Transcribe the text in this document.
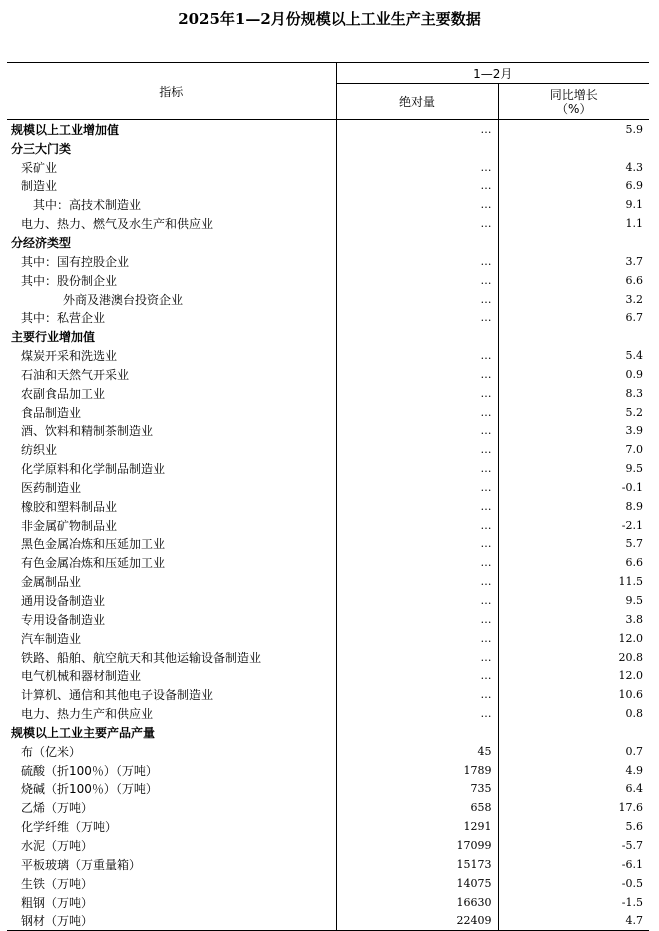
2025年1—2月份规模以上工业生产主要数据
指标	1—2月	
	绝对量	同比增长
（%）
规模以上工业增加值	…	5.9
分三大门类		
采矿业	…	4.3
制造业	…	6.9
其中：高技术制造业	…	9.1
电力、热力、燃气及水生产和供应业	…	1.1
分经济类型		
其中：国有控股企业	…	3.7
其中：股份制企业	…	6.6
外商及港澳台投资企业	…	3.2
其中：私营企业	…	6.7
主要行业增加值		
煤炭开采和洗选业	…	5.4
石油和天然气开采业	…	0.9
农副食品加工业	…	8.3
食品制造业	…	5.2
酒、饮料和精制茶制造业	…	3.9
纺织业	…	7.0
化学原料和化学制品制造业	…	9.5
医药制造业	…	-0.1
橡胶和塑料制品业	…	8.9
非金属矿物制品业	…	-2.1
黑色金属冶炼和压延加工业	…	5.7
有色金属冶炼和压延加工业	…	6.6
金属制品业	…	11.5
通用设备制造业	…	9.5
专用设备制造业	…	3.8
汽车制造业	…	12.0
铁路、船舶、航空航天和其他运输设备制造业	…	20.8
电气机械和器材制造业	…	12.0
计算机、通信和其他电子设备制造业	…	10.6
电力、热力生产和供应业	…	0.8
规模以上工业主要产品产量		
布（亿米）	45	0.7
硫酸（折100％）（万吨）	1789	4.9
烧碱（折100％）（万吨）	735	6.4
乙烯（万吨）	658	17.6
化学纤维（万吨）	1291	5.6
水泥（万吨）	17099	-5.7
平板玻璃（万重量箱）	15173	-6.1
生铁（万吨）	14075	-0.5
粗钢（万吨）	16630	-1.5
钢材（万吨）	22409	4.7
